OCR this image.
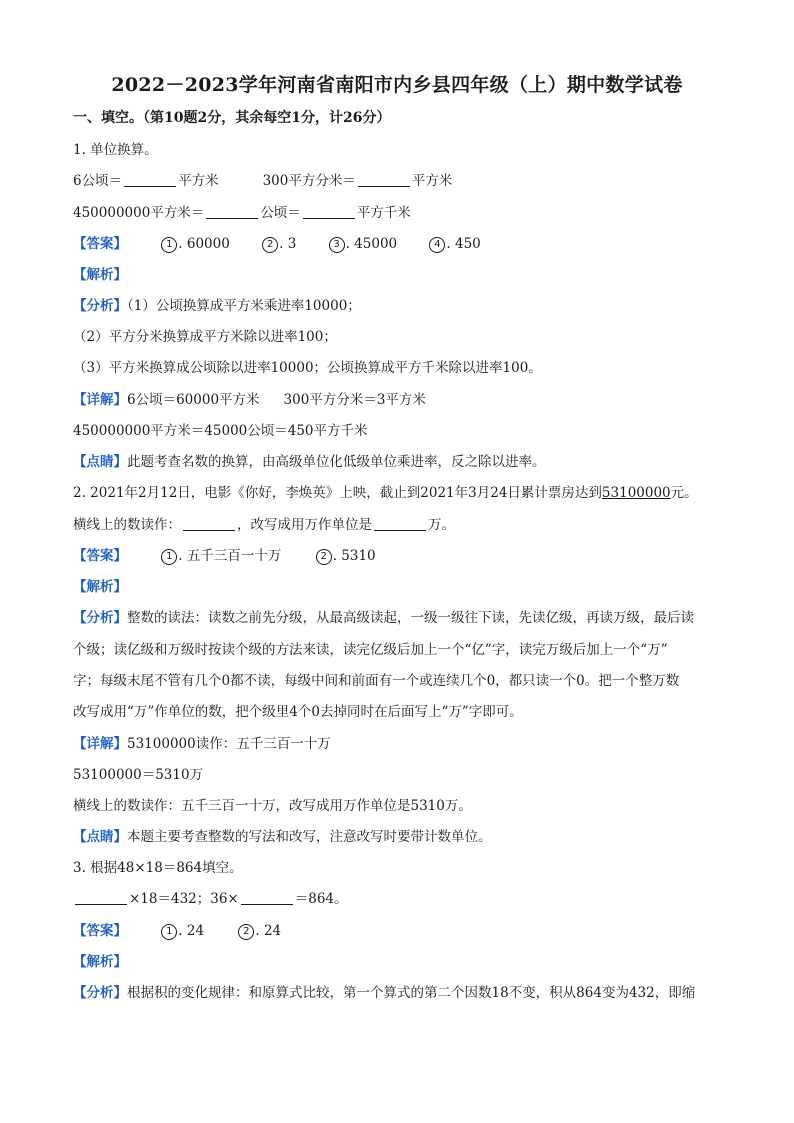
2022－2023学年河南省南阳市内乡县四年级（上）期中数学试卷
一、填空。（第10题2分，其余每空1分，计26分）
1. 单位换算。
6公顷＝	平方米	300平方分米＝	平方米
450000000平方米＝	公顷＝	平方千米
【答案】	1 . 60000	2 . 3	3 . 45000	4 . 450
【解析】
【分析】（1）公顷换算成平方米乘进率10000；
（2）平方分米换算成平方米除以进率100；
（3）平方米换算成公顷除以进率10000；公顷换算成平方千米除以进率100。
【详解】6公顷＝60000平方米 300平方分米＝3平方米
450000000平方米＝45000公顷＝450平方千米
【点睛】此题考查名数的换算，由高级单位化低级单位乘进率，反之除以进率。
2. 2021年2月12日，电影《你好，李焕英》上映，截止到2021年3月24日累计票房达到53100000元。
横线上的数读作：	，改写成用万作单位是	万。
【答案】	1 . 五千三百一十万	2 . 5310
【解析】
【分析】整数的读法：读数之前先分级，从最高级读起，一级一级往下读，先读亿级，再读万级，最后读
个级；读亿级和万级时按读个级的方法来读，读完亿级后加上一个“亿”字，读完万级后加上一个“万”
字；每级末尾不管有几个0都不读，每级中间和前面有一个或连续几个0，都只读一个0。把一个整万数
改写成用“万”作单位的数，把个级里4个0去掉同时在后面写上“万”字即可。
【详解】53100000读作：五千三百一十万
53100000＝5310万
横线上的数读作：五千三百一十万，改写成用万作单位是5310万。
【点睛】本题主要考查整数的写法和改写，注意改写时要带计数单位。
3. 根据48×18＝864填空。
×18＝432；36×	＝864。
【答案】	1 . 24	2 . 24
【解析】
【分析】根据积的变化规律：和原算式比较，第一个算式的第二个因数18不变，积从864变为432，即缩
